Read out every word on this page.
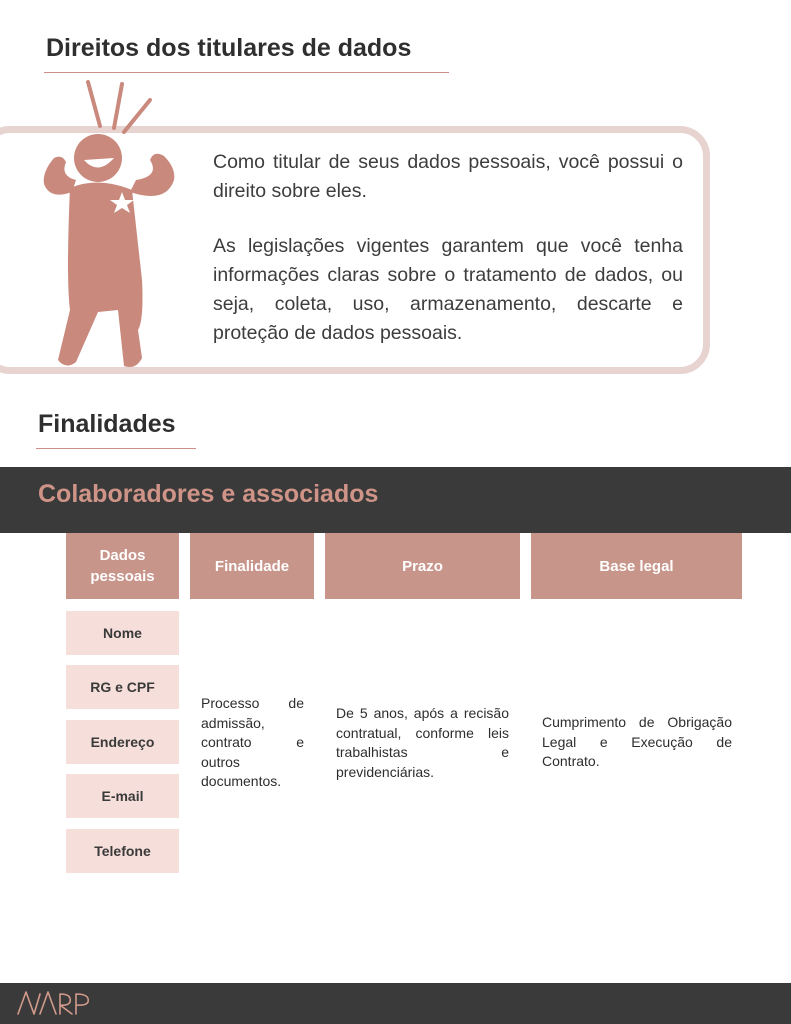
Direitos dos titulares de dados

Como titular de seus dados pessoais, você possui o direito sobre eles.

As legislações vigentes garantem que você tenha informações claras sobre o tratamento de dados, ou seja, coleta, uso, armazenamento, descarte e proteção de dados pessoais.

Finalidades
Colaboradores e associados
Dados pessoais
Finalidade	Prazo	Base legal
Nome
RG e CPF
Endereço
E-mail
Telefone

Processo de admissão, contrato e outros documentos.

De 5 anos, após a recisão contratual, conforme leis trabalhistas e previdenciárias.

Cumprimento de Obrigação Legal e Execução de Contrato.
